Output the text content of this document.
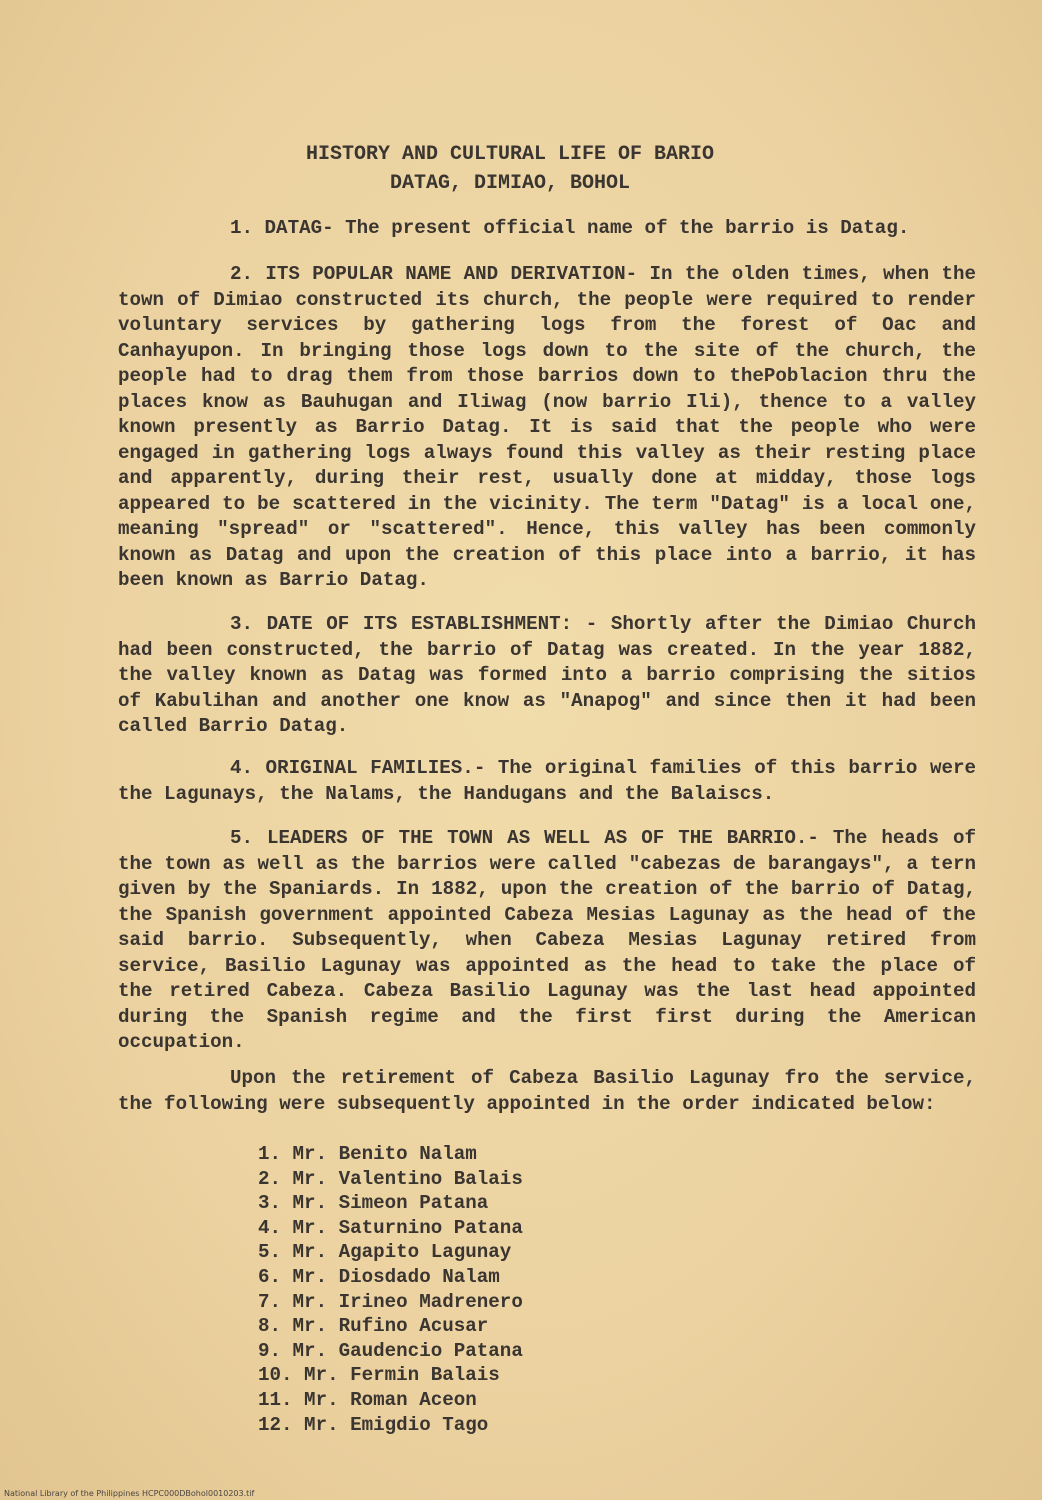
HISTORY AND CULTURAL LIFE OF BARIO
DATAG, DIMIAO, BOHOL
1. DATAG- The present official name of the barrio is Datag.
2. ITS POPULAR NAME AND DERIVATION- In the olden times, when the town of Dimiao constructed its church, the people were required to render voluntary services by gathering logs from the forest of Oac and Canhayupon. In bringing those logs down to the site of the church, the people had to drag them from those barrios down to thePoblacion thru the places know as Bauhugan and Iliwag (now barrio Ili), thence to a valley known presently as Barrio Datag. It is said that the people who were engaged in gathering logs always found this valley as their resting place and apparently, during their rest, usually done at midday, those logs appeared to be scattered in the vicinity. The term "Datag" is a local one, meaning "spread" or "scattered". Hence, this valley has been commonly known as Datag and upon the creation of this place into a barrio, it has been known as Barrio Datag.
3. DATE OF ITS ESTABLISHMENT: - Shortly after the Dimiao Church had been constructed, the barrio of Datag was created. In the year 1882, the valley known as Datag was formed into a barrio comprising the sitios of Kabulihan and another one know as "Anapog" and since then it had been called Barrio Datag.
4. ORIGINAL FAMILIES.- The original families of this barrio were the Lagunays, the Nalams, the Handugans and the Balaiscs.
5. LEADERS OF THE TOWN AS WELL AS OF THE BARRIO.- The heads of the town as well as the barrios were called "cabezas de barangays", a tern given by the Spaniards. In 1882, upon the creation of the barrio of Datag, the Spanish government appointed Cabeza Mesias Lagunay as the head of the said barrio. Subsequently, when Cabeza Mesias Lagunay retired from service, Basilio Lagunay was appointed as the head to take the place of the retired Cabeza. Cabeza Basilio Lagunay was the last head appointed during the Spanish regime and the first first during the American occupation.
Upon the retirement of Cabeza Basilio Lagunay fro the service, the following were subsequently appointed in the order indicated below:
1. Mr. Benito Nalam
2. Mr. Valentino Balais
3. Mr. Simeon Patana
4. Mr. Saturnino Patana
5. Mr. Agapito Lagunay
6. Mr. Diosdado Nalam
7. Mr. Irineo Madrenero
8. Mr. Rufino Acusar
9. Mr. Gaudencio Patana
10. Mr. Fermin Balais
11. Mr. Roman Aceon
12. Mr. Emigdio Tago
National Library of the Philippines HCPC000DBohol0010203.tif
